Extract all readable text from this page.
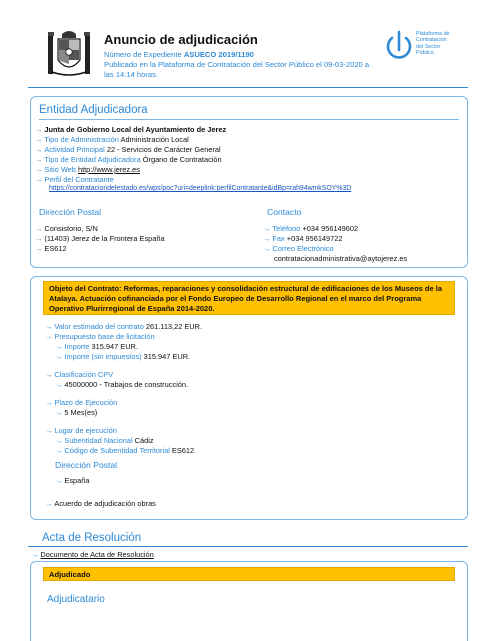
Anuncio de adjudicación
Número de Expediente ASUECO 2019/1190
Publicado en la Plataforma de Contratación del Sector Público el 09-03-2020 a las 14:14 horas.
Plataforma de
Contratación
del Sector
Público
Entidad Adjudicadora
→ Junta de Gobierno Local del Ayuntamiento de Jerez
→ Tipo de Administración Administración Local
→ Actividad Principal 22 - Servicios de Carácter General
→ Tipo de Entidad Adjudicadora Órgano de Contratación
→ Sitio Web http://www.jerez.es
→ Perfil del Contratante
https://contrataciondelestado.es/wps/poc?uri=deeplink:perfilContratante&idBp=rah94wmkSOY%3D
Dirección Postal
→ Consistorio, S/N
→ (11403) Jerez de la Frontera España
→ ES612
Contacto
→ Teléfono +034 956149602
→ Fax +034 956149722
→ Correo Electrónico
contratacionadministrativa@aytojerez.es
Objeto del Contrato: Reformas, reparaciones y consolidación estructural de edificaciones de los Museos de la Atalaya. Actuación cofinanciada por el Fondo Europeo de Desarrollo Regional en el marco del Programa Operativo Plurirregional de España 2014-2020.
→ Valor estimado del contrato 261.113,22 EUR.
→ Presupuesto base de licitación
→ Importe 315.947 EUR.
→ Importe (sin impuestos) 315.947 EUR.
→ Clasificación CPV
→ 45000000 - Trabajos de construcción.
→ Plazo de Ejecución
→ 5 Mes(es)
→ Lugar de ejecución
→ Subentidad Nacional Cádiz
→ Código de Subentidad Territorial ES612
Dirección Postal
→ España
→ Acuerdo de adjudicación obras
Acta de Resolución
→ Documento de Acta de Resolución
Adjudicado
Adjudicatario
